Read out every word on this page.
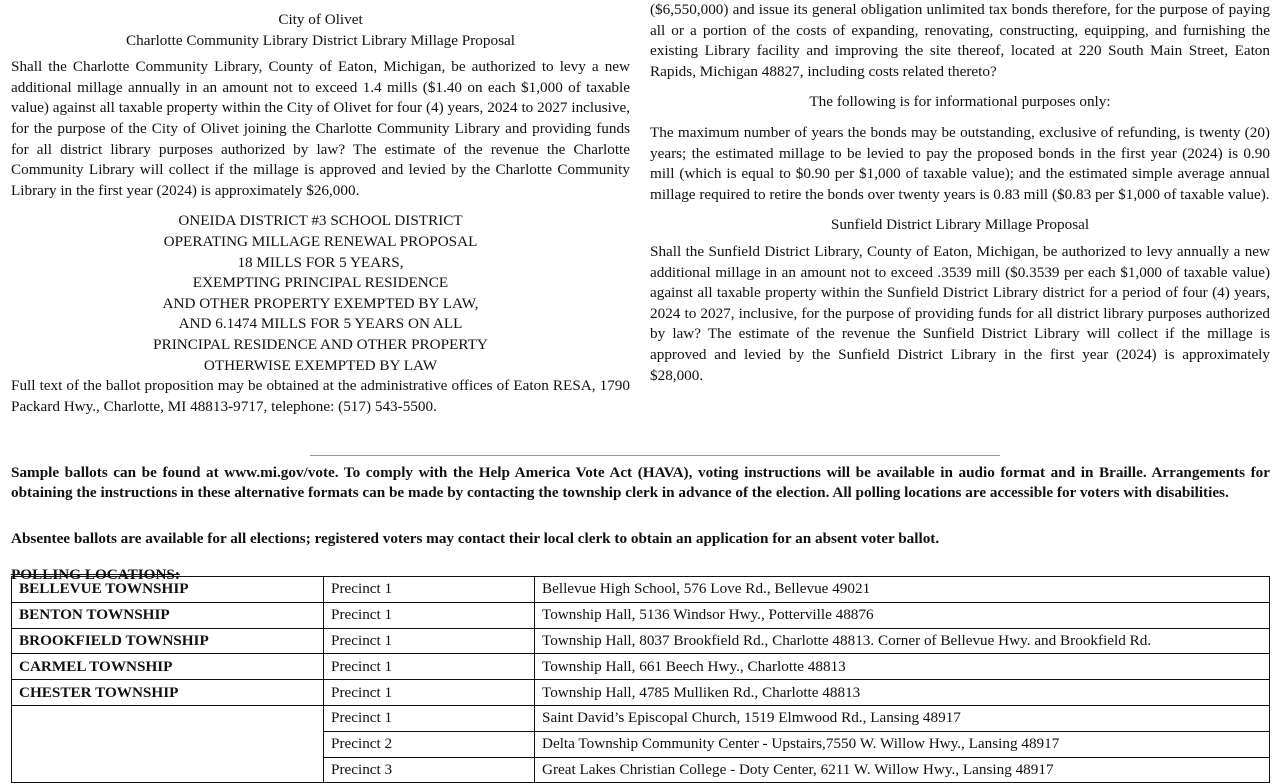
City of Olivet
Charlotte Community Library District Library Millage Proposal

Shall the Charlotte Community Library, County of Eaton, Michigan, be authorized to levy a new additional millage annually in an amount not to exceed 1.4 mills ($1.40 on each $1,000 of taxable value) against all taxable property within the City of Olivet for four (4) years, 2024 to 2027 inclusive, for the purpose of the City of Olivet joining the Charlotte Community Library and providing funds for all district library purposes authorized by law? The estimate of the revenue the Charlotte Community Library will collect if the millage is approved and levied by the Charlotte Community Library in the first year (2024) is approximately $26,000.

ONEIDA DISTRICT #3 SCHOOL DISTRICT
OPERATING MILLAGE RENEWAL PROPOSAL
18 MILLS FOR 5 YEARS,
EXEMPTING PRINCIPAL RESIDENCE
AND OTHER PROPERTY EXEMPTED BY LAW,
AND 6.1474 MILLS FOR 5 YEARS ON ALL
PRINCIPAL RESIDENCE AND OTHER PROPERTY
OTHERWISE EXEMPTED BY LAW

Full text of the ballot proposition may be obtained at the administrative offices of Eaton RESA, 1790 Packard Hwy., Charlotte, MI 48813-9717, telephone: (517) 543-5500.

($6,550,000) and issue its general obligation unlimited tax bonds therefore, for the purpose of paying all or a portion of the costs of expanding, renovating, constructing, equipping, and furnishing the existing Library facility and improving the site thereof, located at 220 South Main Street, Eaton Rapids, Michigan 48827, including costs related thereto?

The following is for informational purposes only:

The maximum number of years the bonds may be outstanding, exclusive of refunding, is twenty (20) years; the estimated millage to be levied to pay the proposed bonds in the first year (2024) is 0.90 mill (which is equal to $0.90 per $1,000 of taxable value); and the estimated simple average annual millage required to retire the bonds over twenty years is 0.83 mill ($0.83 per $1,000 of taxable value).

Sunfield District Library Millage Proposal

Shall the Sunfield District Library, County of Eaton, Michigan, be authorized to levy annually a new additional millage in an amount not to exceed .3539 mill ($0.3539 per each $1,000 of taxable value) against all taxable property within the Sunfield District Library district for a period of four (4) years, 2024 to 2027, inclusive, for the purpose of providing funds for all district library purposes authorized by law? The estimate of the revenue the Sunfield District Library will collect if the millage is approved and levied by the Sunfield District Library in the first year (2024) is approximately $28,000.

Sample ballots can be found at www.mi.gov/vote. To comply with the Help America Vote Act (HAVA), voting instructions will be available in audio format and in Braille. Arrangements for obtaining the instructions in these alternative formats can be made by contacting the township clerk in advance of the election. All polling locations are accessible for voters with disabilities.

Absentee ballots are available for all elections; registered voters may contact their local clerk to obtain an application for an absent voter ballot.

POLLING LOCATIONS:
BELLEVUE TOWNSHIP	Precinct 1	Bellevue High School, 576 Love Rd., Bellevue 49021
BENTON TOWNSHIP	Precinct 1	Township Hall, 5136 Windsor Hwy., Potterville 48876
BROOKFIELD TOWNSHIP	Precinct 1	Township Hall, 8037 Brookfield Rd., Charlotte 48813. Corner of Bellevue Hwy. and Brookfield Rd.
CARMEL TOWNSHIP	Precinct 1	Township Hall, 661 Beech Hwy., Charlotte 48813
CHESTER TOWNSHIP	Precinct 1	Township Hall, 4785 Mulliken Rd., Charlotte 48813
	Precinct 1	Saint David’s Episcopal Church, 1519 Elmwood Rd., Lansing 48917
	Precinct 2	Delta Township Community Center - Upstairs,7550 W. Willow Hwy., Lansing 48917
	Precinct 3	Great Lakes Christian College - Doty Center, 6211 W. Willow Hwy., Lansing 48917
